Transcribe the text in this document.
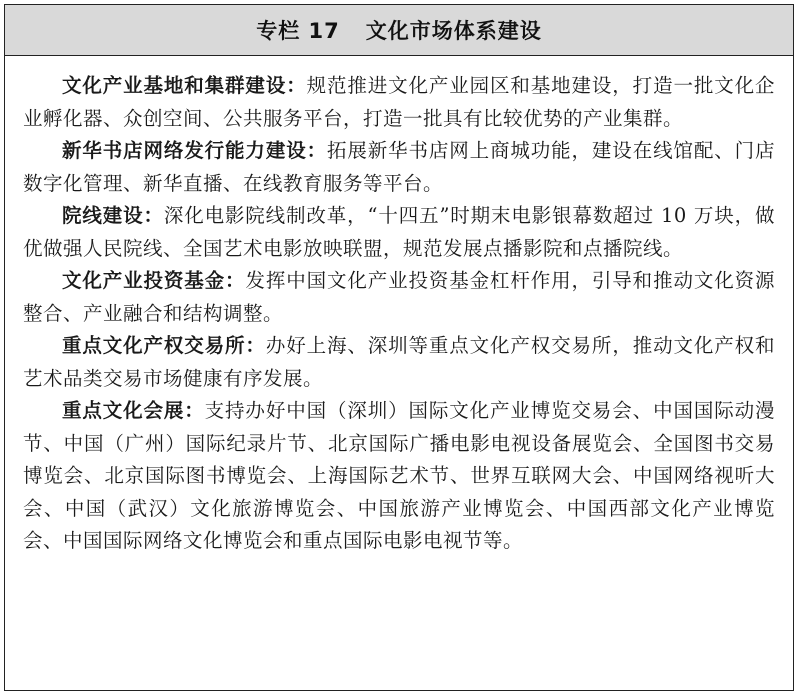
专栏 17 文化市场体系建设

文化产业基地和集群建设：规范推进文化产业园区和基地建设，打造一批文化企业孵化器、众创空间、公共服务平台，打造一批具有比较优势的产业集群。

新华书店网络发行能力建设：拓展新华书店网上商城功能，建设在线馆配、门店数字化管理、新华直播、在线教育服务等平台。

院线建设：深化电影院线制改革，“十四五”时期末电影银幕数超过 10 万块，做优做强人民院线、全国艺术电影放映联盟，规范发展点播影院和点播院线。

文化产业投资基金：发挥中国文化产业投资基金杠杆作用，引导和推动文化资源整合、产业融合和结构调整。

重点文化产权交易所：办好上海、深圳等重点文化产权交易所，推动文化产权和艺术品类交易市场健康有序发展。

重点文化会展：支持办好中国（深圳）国际文化产业博览交易会、中国国际动漫节、中国（广州）国际纪录片节、北京国际广播电影电视设备展览会、全国图书交易博览会、北京国际图书博览会、上海国际艺术节、世界互联网大会、中国网络视听大会、中国（武汉）文化旅游博览会、中国旅游产业博览会、中国西部文化产业博览会、中国国际网络文化博览会和重点国际电影电视节等。
